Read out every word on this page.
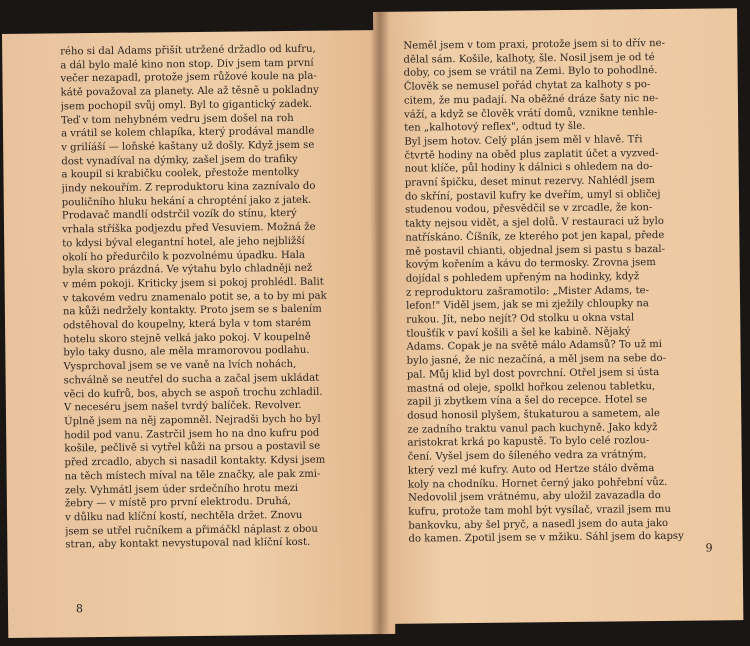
rého si dal Adams přišít utržené držadlo od kufru,
a dál bylo malé kino non stop. Div jsem tam první
večer nezapadl, protože jsem růžové koule na pla-
kátě považoval za planety. Ale až těsně u pokladny
jsem pochopil svůj omyl. Byl to gigantický zadek.
Teď v tom nehybném vedru jsem došel na roh
a vrátil se kolem chlapíka, který prodával mandle
v grilíáší — loňské kaštany už došly. Když jsem se
dost vynadíval na dýmky, zašel jsem do trafiky
a koupil si krabičku coolek, přestože mentolky
jindy nekouřím. Z reproduktoru kina zaznívalo do
pouličního hluku hekání a chropténí jako z jatek.
Prodavač mandlí odstrčil vozík do stínu, který
vrhala stříška podjezdu před Vesuviem. Možná že
to kdysi býval elegantní hotel, ale jeho nejbližší
okolí ho předurčilo k pozvolnému úpadku. Hala
byla skoro prázdná. Ve výtahu bylo chladněji než
v mém pokoji. Kriticky jsem si pokoj prohlédl. Balit
v takovém vedru znamenalo potit se, a to by mi pak
na kůži nedržely kontakty. Proto jsem se s balením
odstěhoval do koupelny, která byla v tom starém
hotelu skoro stejně velká jako pokoj. V koupelně
bylo taky dusno, ale měla mramorovou podlahu.
Vysprchoval jsem se ve vaně na lvích nohách,
schválně se neutřel do sucha a začal jsem ukládat
věci do kufrů, bos, abych se aspoň trochu zchladil.
V neceséru jsem našel tvrdý balíček. Revolver.
Úplně jsem na něj zapomněl. Nejradši bych ho byl
hodil pod vanu. Zastrčil jsem ho na dno kufru pod
košile, pečlivě si vytřel kůži na prsou a postavil se
před zrcadlo, abych si nasadil kontakty. Kdysi jsem
na těch místech míval na těle značky, ale pak zmi-
zely. Vyhmátl jsem úder srdečního hrotu mezi
žebry — v místě pro první elektrodu. Druhá,
v důlku nad klíční kostí, nechtěla držet. Znovu
jsem se utřel ručníkem a přimáčkl náplast z obou
stran, aby kontakt nevystupoval nad klíční kost.
8
Neměl jsem v tom praxi, protože jsem si to dřív ne-
dělal sám. Košile, kalhoty, šle. Nosil jsem je od té
doby, co jsem se vrátil na Zemi. Bylo to pohodlné.
Člověk se nemusel pořád chytat za kalhoty s po-
citem, že mu padají. Na oběžné dráze šaty nic ne-
váží, a když se člověk vrátí domů, vznikne tenhle-
ten „kalhotový reflex", odtud ty šle.
Byl jsem hotov. Celý plán jsem měl v hlavě. Tři
čtvrtě hodiny na oběd plus zaplatit účet a vyzved-
nout klíče, půl hodiny k dálnici s ohledem na do-
pravní špičku, deset minut rezervy. Nahlédl jsem
do skříní, postavil kufry ke dveřím, umyl si obličej
studenou vodou, přesvědčil se v zrcadle, že kon-
takty nejsou vidět, a sjel dolů. V restauraci už bylo
natřískáno. Číšník, ze kterého pot jen kapal, přede
mě postavil chianti, objednal jsem si pastu s bazal-
kovým kořením a kávu do termosky. Zrovna jsem
dojídal s pohledem upřeným na hodinky, když
z reproduktoru zašramotilo: „Mister Adams, te-
lefon!" Viděl jsem, jak se mi zježily chloupky na
rukou. Jít, nebo nejít? Od stolku u okna vstal
tloušťík v paví košili a šel ke kabině. Nějaký
Adams. Copak je na světě málo Adamsů? To už mi
bylo jasné, že nic nezačíná, a měl jsem na sebe do-
pal. Můj klid byl dost povrchní. Otřel jsem si ústa
mastná od oleje, spolkl hořkou zelenou tabletku,
zapil ji zbytkem vína a šel do recepce. Hotel se
dosud honosil plyšem, štukaturou a sametem, ale
ze zadního traktu vanul pach kuchyně. Jako když
aristokrat krká po kapustě. To bylo celé rozlou-
čení. Vyšel jsem do šíleného vedra za vrátným,
který vezl mé kufry. Auto od Hertze stálo dvěma
koly na chodníku. Hornet černý jako pohřební vůz.
Nedovolil jsem vrátnému, aby uložil zavazadla do
kufru, protože tam mohl být vysílač, vrazil jsem mu
bankovku, aby šel pryč, a nasedl jsem do auta jako
do kamen. Zpotil jsem se v mžiku. Sáhl jsem do kapsy
9
